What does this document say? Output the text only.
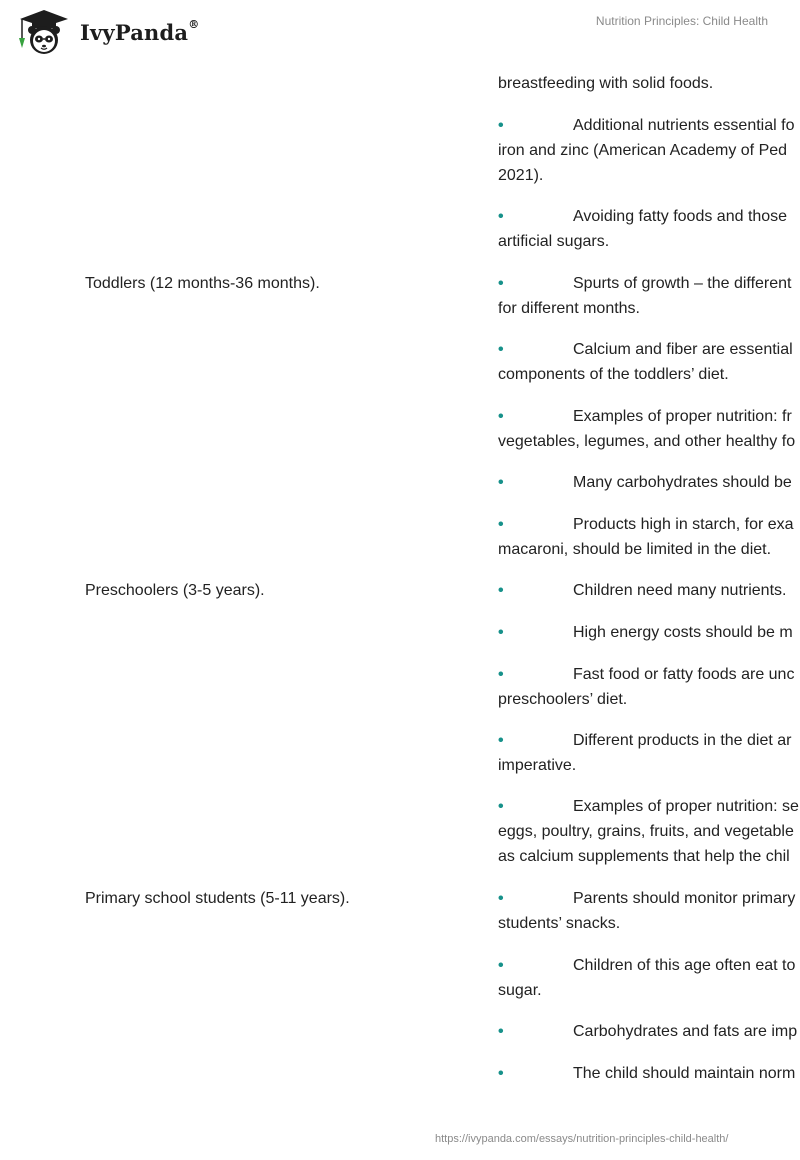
IvyPanda®	Nutrition Principles: Child Health
breastfeeding with solid foods.
•	Additional nutrients essential fo
iron and zinc (American Academy of Ped
2021).
•	Avoiding fatty foods and those
artificial sugars.
Toddlers (12 months-36 months).	•	Spurts of growth – the different
for different months.
•	Calcium and fiber are essential
components of the toddlers’ diet.
•	Examples of proper nutrition: fr
vegetables, legumes, and other healthy fo
•	Many carbohydrates should be
•	Products high in starch, for exa
macaroni, should be limited in the diet.
Preschoolers (3-5 years).	•	Children need many nutrients.
•	High energy costs should be m
•	Fast food or fatty foods are unc
preschoolers’ diet.
•	Different products in the diet ar
imperative.
•	Examples of proper nutrition: se
eggs, poultry, grains, fruits, and vegetable
as calcium supplements that help the chil
Primary school students (5-11 years).	•	Parents should monitor primary
students’ snacks.
•	Children of this age often eat to
sugar.
•	Carbohydrates and fats are imp
•	The child should maintain norm
https://ivypanda.com/essays/nutrition-principles-child-health/
